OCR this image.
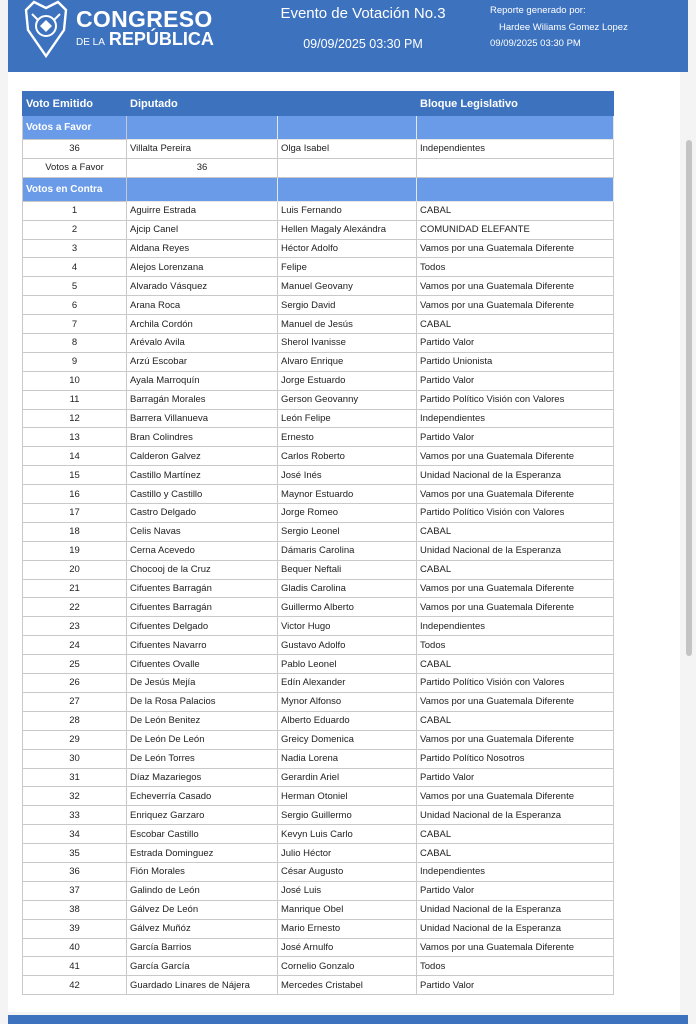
CONGRESO
DE LA REPÚBLICA
Evento de Votación No.3
09/09/2025 03:30 PM
Reporte generado por:
Hardee Wiliams Gomez Lopez
09/09/2025 03:30 PM
Voto Emitido	Diputado		Bloque Legislativo
Votos a Favor			
36	Villalta Pereira	Olga Isabel	Independientes
Votos a Favor	36		
Votos en Contra			
1	Aguirre Estrada	Luis Fernando	CABAL
2	Ajcip Canel	Hellen Magaly Alexándra	COMUNIDAD ELEFANTE
3	Aldana Reyes	Héctor Adolfo	Vamos por una Guatemala Diferente
4	Alejos Lorenzana	Felipe	Todos
5	Alvarado Vásquez	Manuel Geovany	Vamos por una Guatemala Diferente
6	Arana Roca	Sergio David	Vamos por una Guatemala Diferente
7	Archila Cordón	Manuel de Jesús	CABAL
8	Arévalo Avila	Sherol Ivanisse	Partido Valor
9	Arzú Escobar	Alvaro Enrique	Partido Unionista
10	Ayala Marroquín	Jorge Estuardo	Partido Valor
11	Barragán Morales	Gerson Geovanny	Partido Político Visión con Valores
12	Barrera Villanueva	León Felipe	Independientes
13	Bran Colindres	Ernesto	Partido Valor
14	Calderon Galvez	Carlos Roberto	Vamos por una Guatemala Diferente
15	Castillo Martínez	José Inés	Unidad Nacional de la Esperanza
16	Castillo y Castillo	Maynor Estuardo	Vamos por una Guatemala Diferente
17	Castro Delgado	Jorge Romeo	Partido Político Visión con Valores
18	Celis Navas	Sergio Leonel	CABAL
19	Cerna Acevedo	Dámaris Carolina	Unidad Nacional de la Esperanza
20	Chocooj de la Cruz	Bequer Neftali	CABAL
21	Cifuentes Barragán	Gladis Carolina	Vamos por una Guatemala Diferente
22	Cifuentes Barragán	Guillermo Alberto	Vamos por una Guatemala Diferente
23	Cifuentes Delgado	Victor Hugo	Independientes
24	Cifuentes Navarro	Gustavo Adolfo	Todos
25	Cifuentes Ovalle	Pablo Leonel	CABAL
26	De Jesús Mejía	Edín Alexander	Partido Político Visión con Valores
27	De la Rosa Palacios	Mynor Alfonso	Vamos por una Guatemala Diferente
28	De León Benitez	Alberto Eduardo	CABAL
29	De León De León	Greicy Domenica	Vamos por una Guatemala Diferente
30	De León Torres	Nadia Lorena	Partido Político Nosotros
31	Díaz Mazariegos	Gerardin Ariel	Partido Valor
32	Echeverría Casado	Herman Otoniel	Vamos por una Guatemala Diferente
33	Enriquez Garzaro	Sergio Guillermo	Unidad Nacional de la Esperanza
34	Escobar Castillo	Kevyn Luis Carlo	CABAL
35	Estrada Dominguez	Julio Héctor	CABAL
36	Fión Morales	César Augusto	Independientes
37	Galindo de León	José Luis	Partido Valor
38	Gálvez De León	Manrique Obel	Unidad Nacional de la Esperanza
39	Gálvez Muñóz	Mario Ernesto	Unidad Nacional de la Esperanza
40	García Barrios	José Arnulfo	Vamos por una Guatemala Diferente
41	García García	Cornelio Gonzalo	Todos
42	Guardado Linares de Nájera	Mercedes Cristabel	Partido Valor
